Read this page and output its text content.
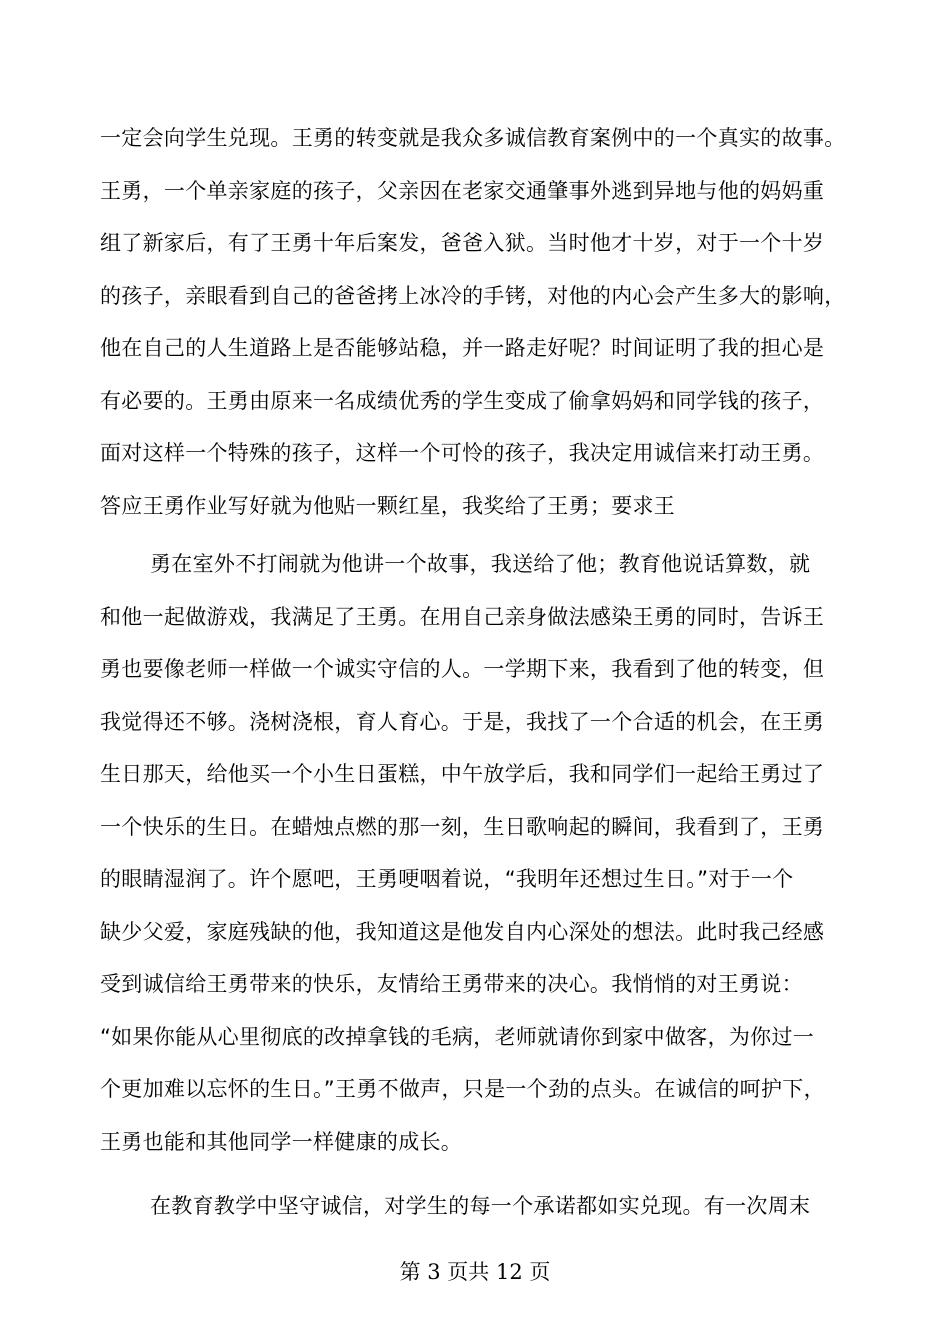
一定会向学生兑现。王勇的转变就是我众多诚信教育案例中的一个真实的故事。
王勇，一个单亲家庭的孩子，父亲因在老家交通肇事外逃到异地与他的妈妈重
组了新家后，有了王勇十年后案发，爸爸入狱。当时他才十岁，对于一个十岁
的孩子，亲眼看到自己的爸爸拷上冰冷的手铐，对他的内心会产生多大的影响，
他在自己的人生道路上是否能够站稳，并一路走好呢？时间证明了我的担心是
有必要的。王勇由原来一名成绩优秀的学生变成了偷拿妈妈和同学钱的孩子，
面对这样一个特殊的孩子，这样一个可怜的孩子，我决定用诚信来打动王勇。
答应王勇作业写好就为他贴一颗红星，我奖给了王勇；要求王
勇在室外不打闹就为他讲一个故事，我送给了他；教育他说话算数，就
和他一起做游戏，我满足了王勇。在用自己亲身做法感染王勇的同时，告诉王
勇也要像老师一样做一个诚实守信的人。一学期下来，我看到了他的转变，但
我觉得还不够。浇树浇根，育人育心。于是，我找了一个合适的机会，在王勇
生日那天，给他买一个小生日蛋糕，中午放学后，我和同学们一起给王勇过了
一个快乐的生日。在蜡烛点燃的那一刻，生日歌响起的瞬间，我看到了，王勇
的眼睛湿润了。许个愿吧，王勇哽咽着说，“我明年还想过生日。”对于一个
缺少父爱，家庭残缺的他，我知道这是他发自内心深处的想法。此时我己经感
受到诚信给王勇带来的快乐，友情给王勇带来的决心。我悄悄的对王勇说：
“如果你能从心里彻底的改掉拿钱的毛病，老师就请你到家中做客，为你过一
个更加难以忘怀的生日。”王勇不做声，只是一个劲的点头。在诚信的呵护下，
王勇也能和其他同学一样健康的成长。
在教育教学中坚守诚信，对学生的每一个承诺都如实兑现。有一次周末
第 3 页共 12 页
